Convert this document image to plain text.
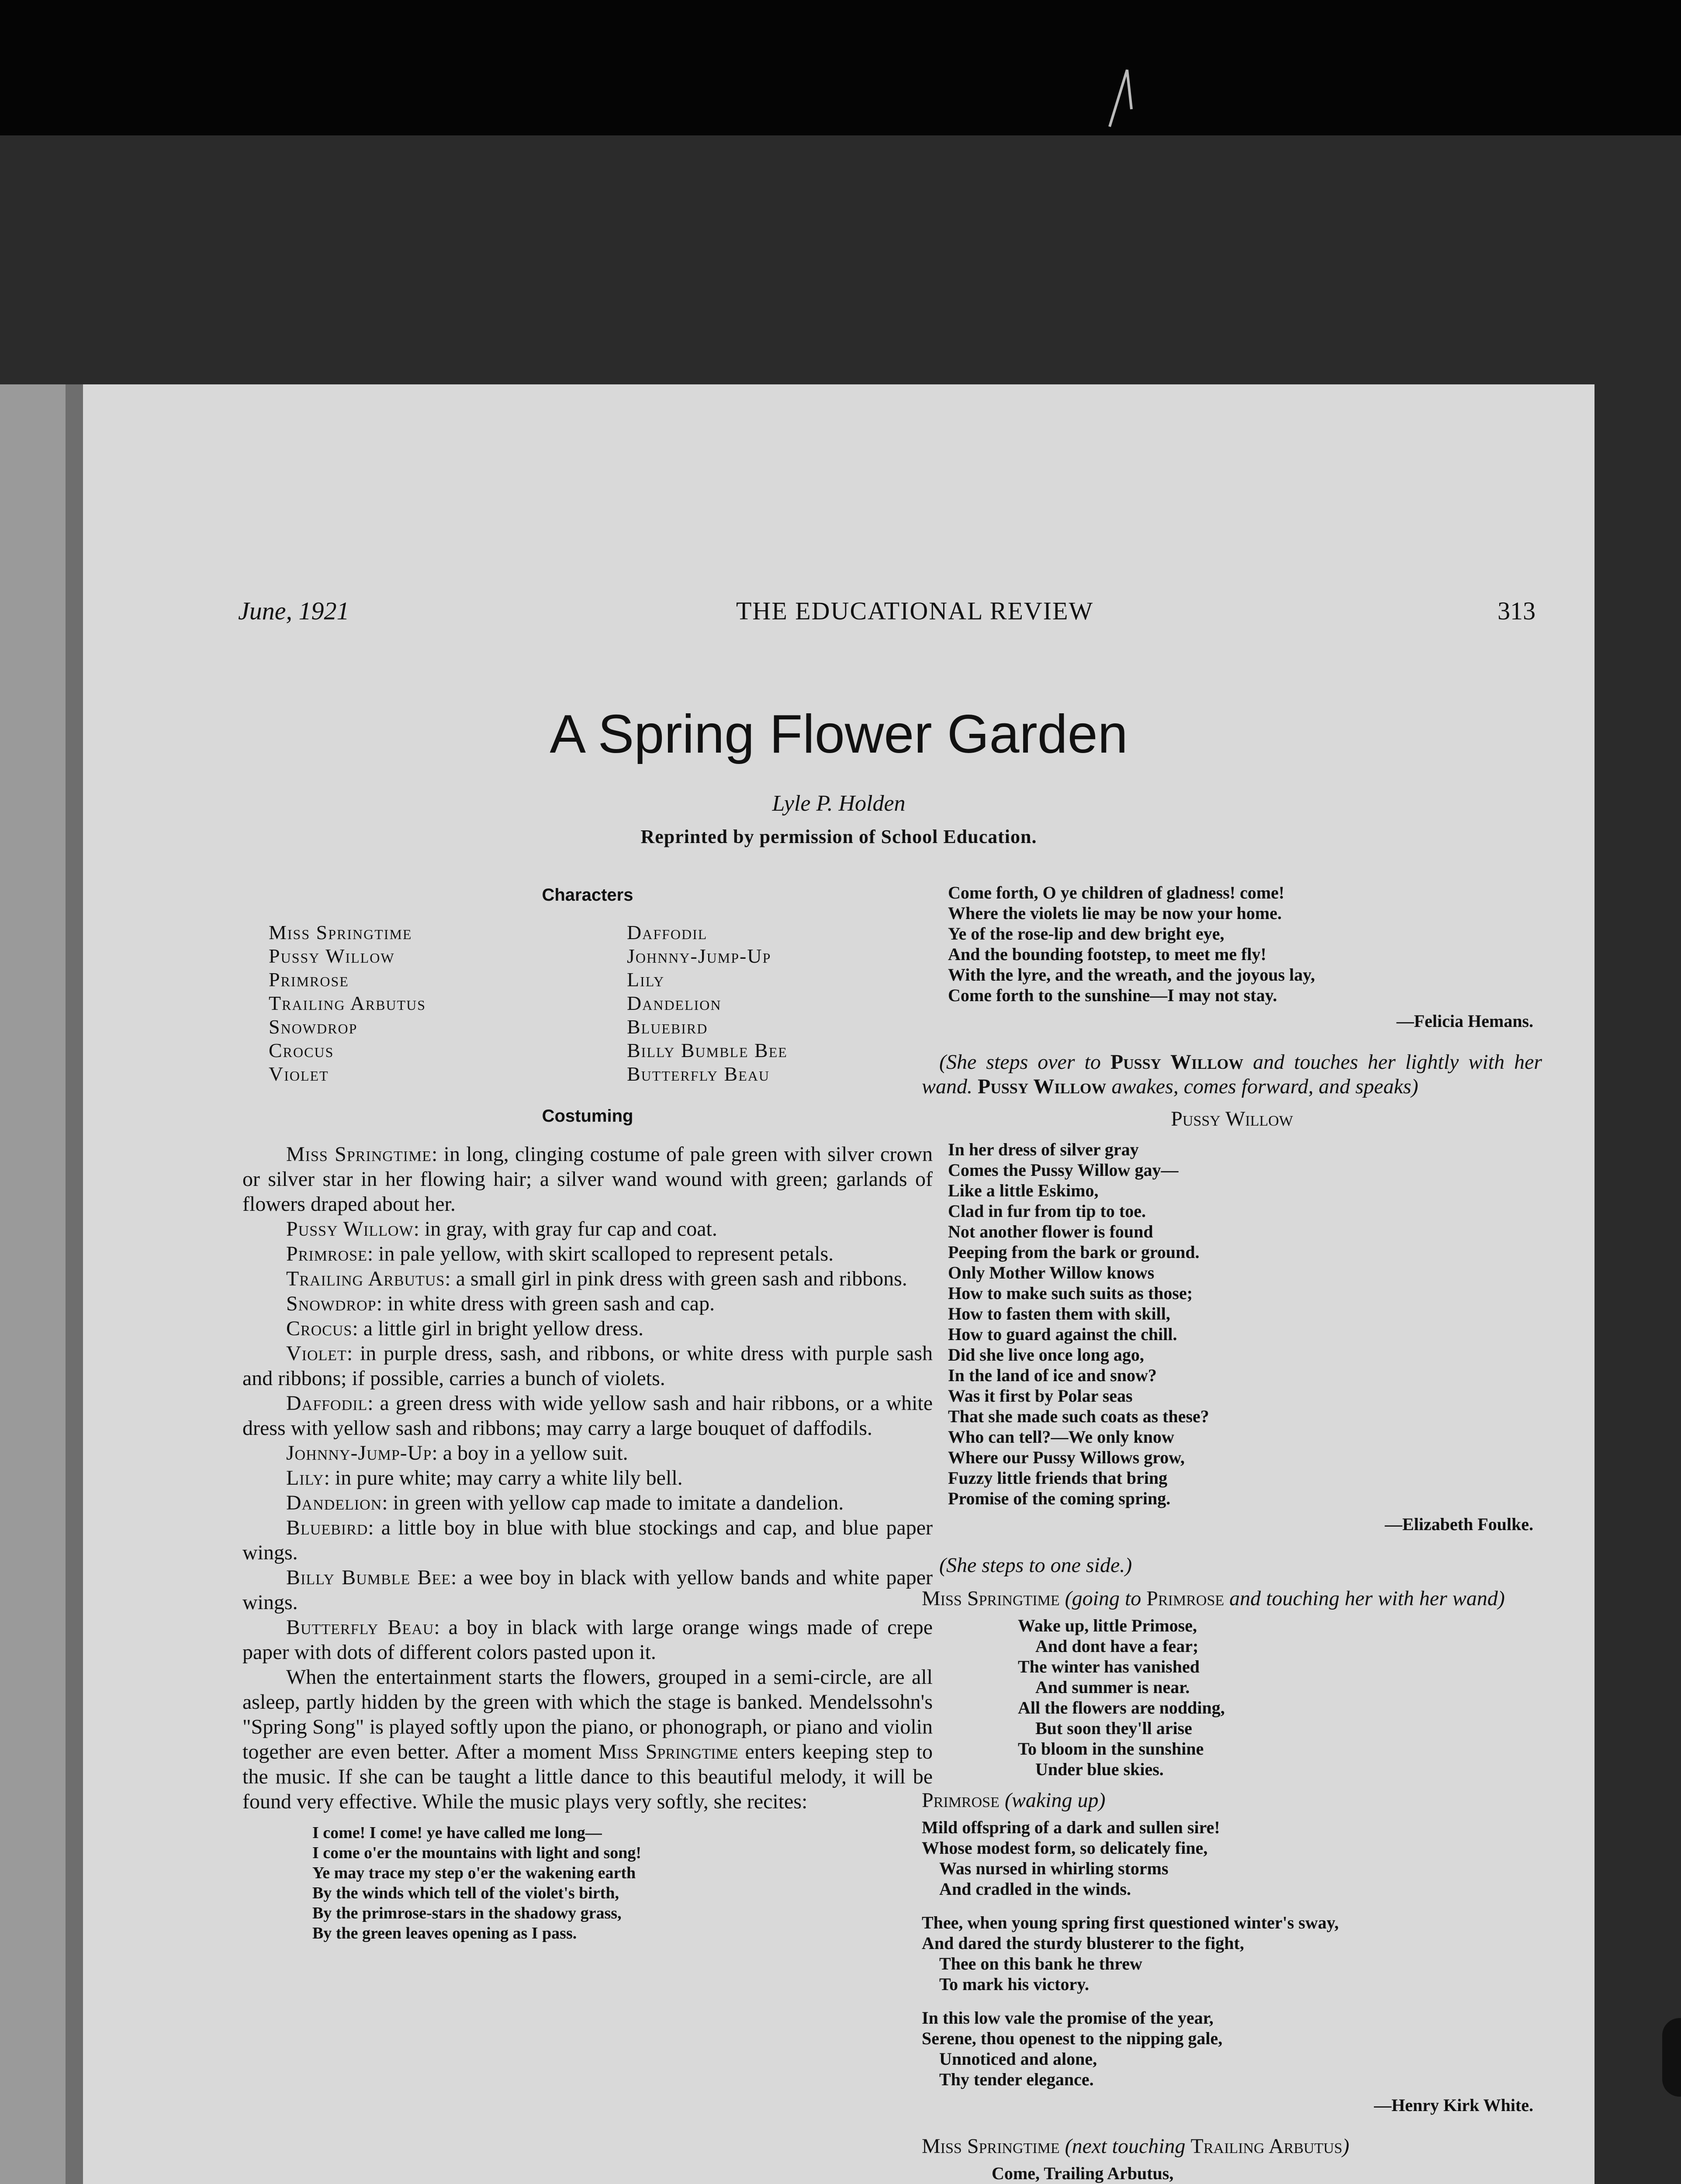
June, 1921	THE EDUCATIONAL REVIEW	313
A Spring Flower Garden
Lyle P. Holden
Reprinted by permission of School Education.
Characters
Miss Springtime
Pussy Willow
Primrose
Trailing Arbutus
Snowdrop
Crocus
Violet
Daffodil
Johnny-Jump-Up
Lily
Dandelion
Bluebird
Billy Bumble Bee
Butterfly Beau
Costuming

Miss Springtime: in long, clinging costume of pale green with silver crown or silver star in her flowing hair; a silver wand wound with green; garlands of flowers draped about her.

Pussy Willow: in gray, with gray fur cap and coat.

Primrose: in pale yellow, with skirt scalloped to represent petals.

Trailing Arbutus: a small girl in pink dress with green sash and ribbons.

Snowdrop: in white dress with green sash and cap.

Crocus: a little girl in bright yellow dress.

Violet: in purple dress, sash, and ribbons, or white dress with purple sash and ribbons; if possible, carries a bunch of violets.

Daffodil: a green dress with wide yellow sash and hair ribbons, or a white dress with yellow sash and ribbons; may carry a large bouquet of daffodils.

Johnny-Jump-Up: a boy in a yellow suit.

Lily: in pure white; may carry a white lily bell.

Dandelion: in green with yellow cap made to imitate a dandelion.

Bluebird: a little boy in blue with blue stockings and cap, and blue paper wings.

Billy Bumble Bee: a wee boy in black with yellow bands and white paper wings.

Butterfly Beau: a boy in black with large orange wings made of crepe paper with dots of different colors pasted upon it.

When the entertainment starts the flowers, grouped in a semi-circle, are all asleep, partly hidden by the green with which the stage is banked. Mendelssohn's "Spring Song" is played softly upon the piano, or phonograph, or piano and violin together are even better. After a moment Miss Springtime enters keeping step to the music. If she can be taught a little dance to this beautiful melody, it will be found very effective. While the music plays very softly, she recites:

I come! I come! ye have called me long—
I come o'er the mountains with light and song!
Ye may trace my step o'er the wakening earth
By the winds which tell of the violet's birth,
By the primrose-stars in the shadowy grass,
By the green leaves opening as I pass.
Come forth, O ye children of gladness! come!
Where the violets lie may be now your home.
Ye of the rose-lip and dew bright eye,
And the bounding footstep, to meet me fly!
With the lyre, and the wreath, and the joyous lay,
Come forth to the sunshine—I may not stay.
—Felicia Hemans.

(She steps over to Pussy Willow and touches her lightly with her wand. Pussy Willow awakes, comes forward, and speaks)

Pussy Willow
In her dress of silver gray
Comes the Pussy Willow gay—
Like a little Eskimo,
Clad in fur from tip to toe.
Not another flower is found
Peeping from the bark or ground.
Only Mother Willow knows
How to make such suits as those;
How to fasten them with skill,
How to guard against the chill.
Did she live once long ago,
In the land of ice and snow?
Was it first by Polar seas
That she made such coats as these?
Who can tell?—We only know
Where our Pussy Willows grow,
Fuzzy little friends that bring
Promise of the coming spring.
—Elizabeth Foulke.

(She steps to one side.)

Miss Springtime (going to Primrose and touching her with her wand)

Wake up, little Primose,
And dont have a fear;
The winter has vanished
And summer is near.
All the flowers are nodding,
But soon they'll arise
To bloom in the sunshine
Under blue skies.

Primrose (waking up)

Mild offspring of a dark and sullen sire!
Whose modest form, so delicately fine,
Was nursed in whirling storms
And cradled in the winds.
Thee, when young spring first questioned winter's sway,
And dared the sturdy blusterer to the fight,
Thee on this bank he threw
To mark his victory.
In this low vale the promise of the year,
Serene, thou openest to the nipping gale,
Unnoticed and alone,
Thy tender elegance.
—Henry Kirk White.

Miss Springtime (next touching Trailing Arbutus)

Come, Trailing Arbutus,
